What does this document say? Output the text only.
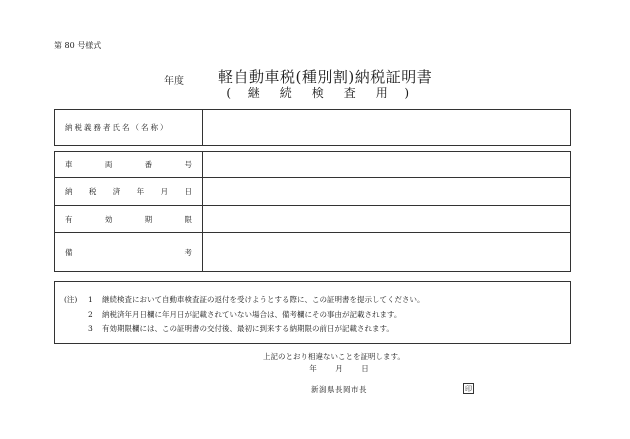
第 80 号様式
年度 軽自動車税(種別割)納税証明書
( 継 続 検 査 用 )
納税義務者氏名（名称）
車	両	番	号
納 税 済 年 月 日
有	効	期	限
備	考
(注) 1 継続検査において自動車検査証の返付を受けようとする際に、この証明書を提示してください。
2 納税済年月日欄に年月日が記載されていない場合は、備考欄にその事由が記載されます。
3 有効期限欄には、この証明書の交付後、最初に到来する納期限の前日が記載されます。
上記のとおり相違ないことを証明します。
年 月 日
新潟県長岡市長	印
